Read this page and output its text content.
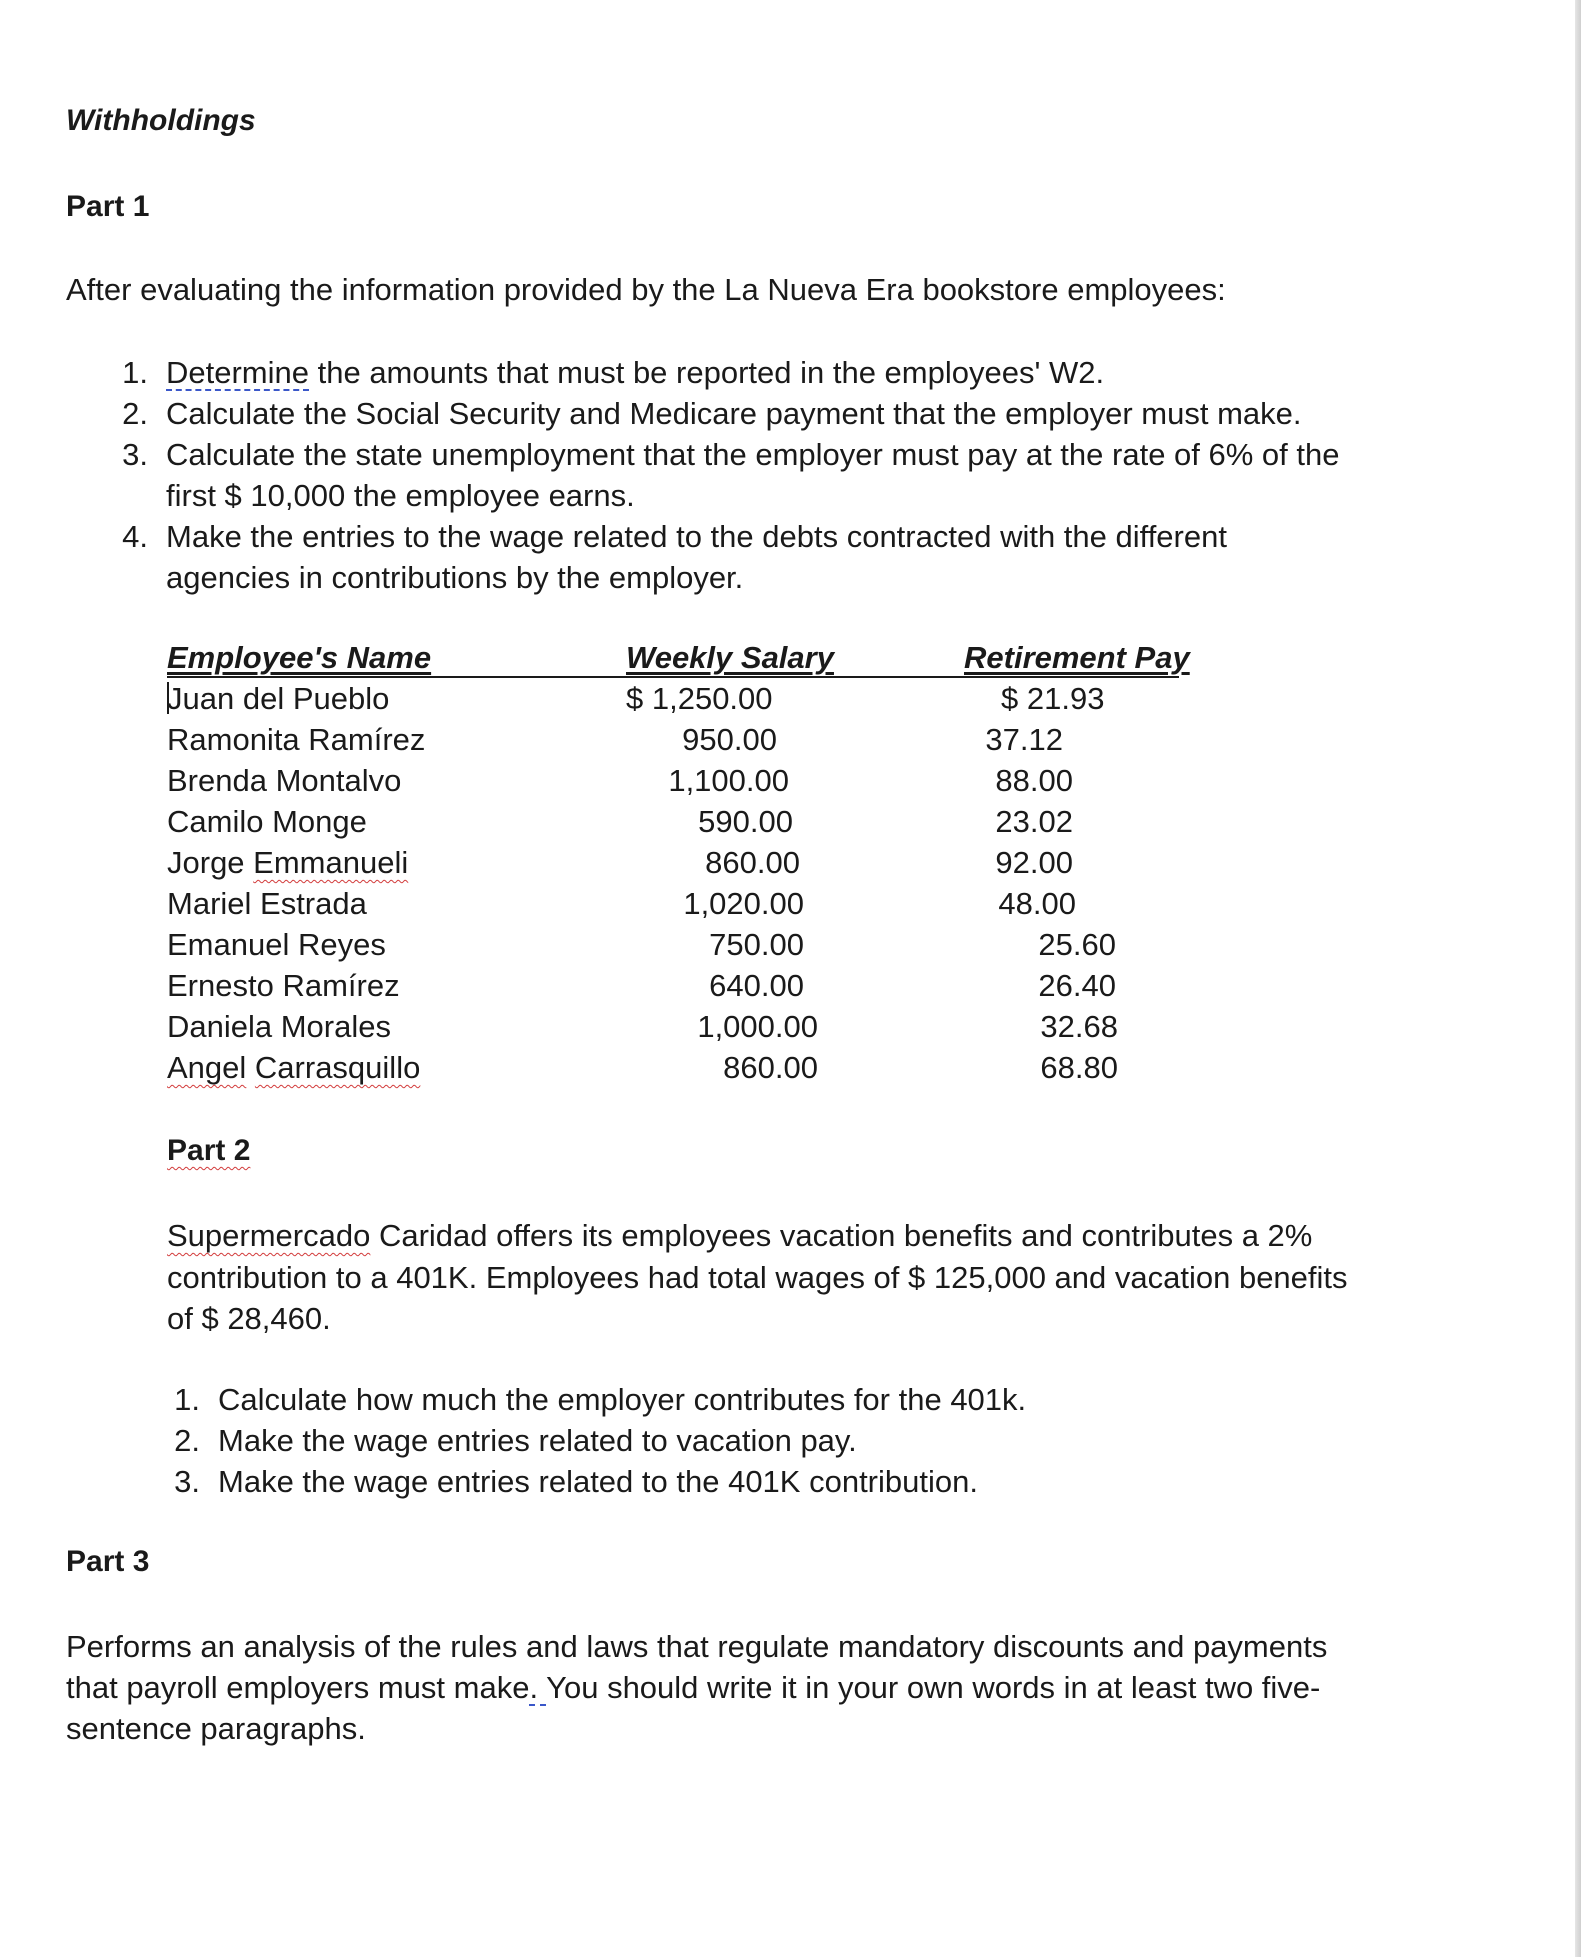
Withholdings
Part 1
After evaluating the information provided by the La Nueva Era bookstore employees:
1. Determine the amounts that must be reported in the employees' W2.
2. Calculate the Social Security and Medicare payment that the employer must make.
3. Calculate the state unemployment that the employer must pay at the rate of 6% of the
first $ 10,000 the employee earns.
4. Make the entries to the wage related to the debts contracted with the different
agencies in contributions by the employer.
Employee's Name	Weekly Salary	Retirement Pay
Juan del Pueblo	$ 1,250.00	$ 21.93
Ramonita Ramírez	950.00	37.12
Brenda Montalvo	1,100.00	88.00
Camilo Monge	590.00	23.02
Jorge Emmanueli	860.00	92.00
Mariel Estrada	1,020.00	48.00
Emanuel Reyes	750.00	25.60
Ernesto Ramírez	640.00	26.40
Daniela Morales	1,000.00	32.68
Angel Carrasquillo	860.00	68.80
Part 2
Supermercado Caridad offers its employees vacation benefits and contributes a 2%
contribution to a 401K. Employees had total wages of $ 125,000 and vacation benefits
of $ 28,460.
1. Calculate how much the employer contributes for the 401k.
2. Make the wage entries related to vacation pay.
3. Make the wage entries related to the 401K contribution.
Part 3
Performs an analysis of the rules and laws that regulate mandatory discounts and payments
that payroll employers must make. You should write it in your own words in at least two five-
sentence paragraphs.
